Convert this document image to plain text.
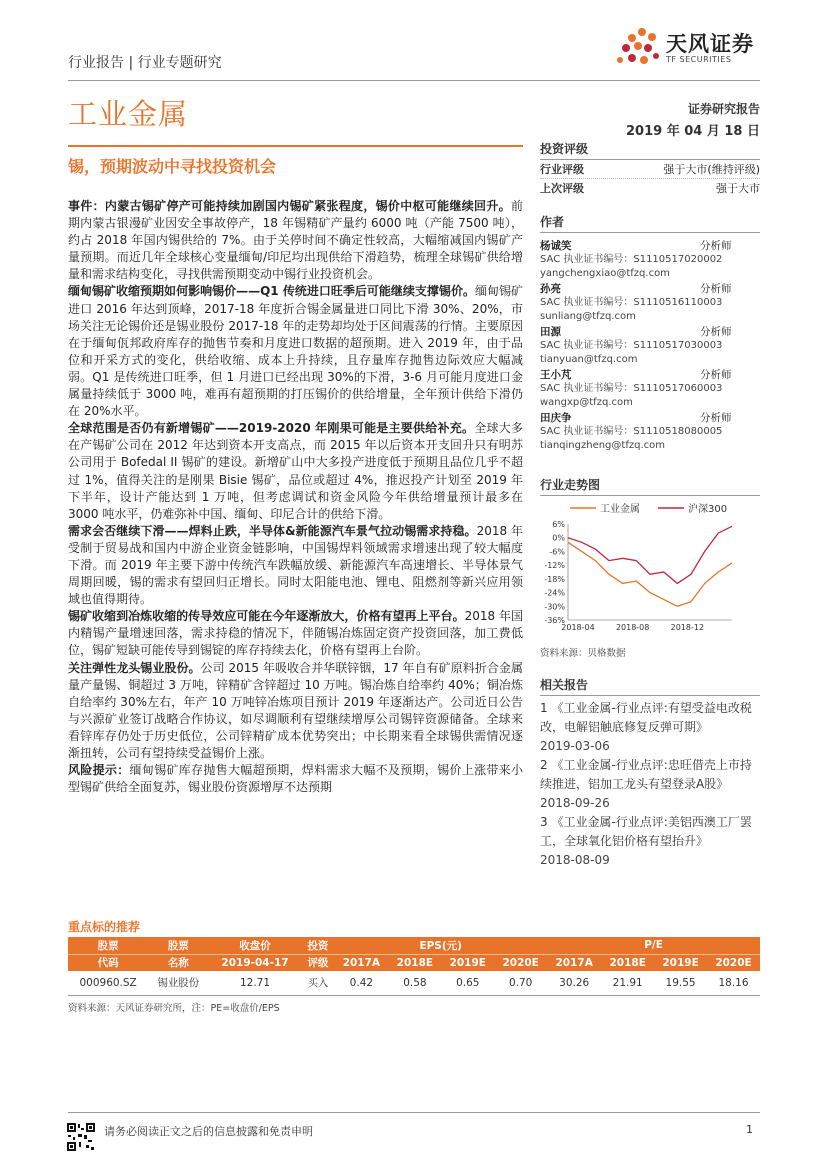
行业报告 | 行业专题研究
天风证券
TF SECURITIES
工业金属	证券研究报告
2019 年 04 月 18 日
锡，预期波动中寻找投资机会

事件：内蒙古锡矿停产可能持续加剧国内锡矿紧张程度，锡价中枢可能继续回升。前期内蒙古银漫矿业因安全事故停产，18 年锡精矿产量约 6000 吨（产能 7500 吨），约占 2018 年国内锡供给的 7%。由于关停时间不确定性较高，大幅缩减国内锡矿产量预期。而近几年全球核心变量缅甸/印尼均出现供给下滑趋势，梳理全球锡矿供给增量和需求结构变化，寻找供需预期变动中锡行业投资机会。

缅甸锡矿收缩预期如何影响锡价——Q1 传统进口旺季后可能继续支撑锡价。缅甸锡矿进口 2016 年达到顶峰，2017-18 年度折合锡金属量进口同比下滑 30%、20%，市场关注无论锡价还是锡业股份 2017-18 年的走势却均处于区间震荡的行情。主要原因在于缅甸佤邦政府库存的抛售节奏和月度进口数据的超预期。进入 2019 年，由于品位和开采方式的变化，供给收缩、成本上升持续，且存量库存抛售边际效应大幅减弱。Q1 是传统进口旺季，但 1 月进口已经出现 30%的下滑，3-6 月可能月度进口金属量持续低于 3000 吨，难再有超预期的打压锡价的供给增量，全年预计供给下滑仍在 20%水平。

全球范围是否仍有新增锡矿——2019-2020 年刚果可能是主要供给补充。全球大多在产锡矿公司在 2012 年达到资本开支高点，而 2015 年以后资本开支回升只有明苏公司用于 Bofedal II 锡矿的建设。新增矿山中大多投产进度低于预期且品位几乎不超过 1%，值得关注的是刚果 Bisie 锡矿，品位或超过 4%，推迟投产计划至 2019 年下半年，设计产能达到 1 万吨，但考虑调试和资金风险今年供给增量预计最多在 3000 吨水平，仍难弥补中国、缅甸、印尼合计的供给下滑。

需求会否继续下滑——焊料止跌，半导体&新能源汽车景气拉动锡需求持稳。2018 年受制于贸易战和国内中游企业资金链影响，中国锡焊料领域需求增速出现了较大幅度下滑。而 2019 年主要下游中传统汽车跌幅放缓、新能源汽车高速增长、半导体景气周期回暖，锡的需求有望回归正增长。同时太阳能电池、锂电、阻燃剂等新兴应用领域也值得期待。

锡矿收缩到冶炼收缩的传导效应可能在今年逐渐放大，价格有望再上平台。2018 年国内精锡产量增速回落，需求持稳的情况下，伴随锡冶炼固定资产投资回落，加工费低位，锡矿短缺可能传导到锡锭的库存持续去化，价格有望再上台阶。

关注弹性龙头锡业股份。公司 2015 年吸收合并华联锌铟，17 年自有矿原料折合金属量产量锡、铜超过 3 万吨，锌精矿含锌超过 10 万吨。锡冶炼自给率约 40%；铜冶炼自给率约 30%左右，年产 10 万吨锌冶炼项目预计 2019 年逐渐达产。公司近日公告与兴源矿业签订战略合作协议，如尽调顺利有望继续增厚公司锡锌资源储备。全球来看锌库存仍处于历史低位，公司锌精矿成本优势突出；中长期来看全球锡供需情况逐渐扭转，公司有望持续受益锡价上涨。

风险提示：缅甸锡矿库存抛售大幅超预期，焊料需求大幅不及预期，锡价上涨带来小型锡矿供给全面复苏，锡业股份资源增厚不达预期

投资评级
行业评级	强于大市(维持评级)
上次评级	强于大市
作者
杨诚笑	分析师
SAC 执业证书编号：S1110517020002
yangchengxiao@tfzq.com
孙亮	分析师
SAC 执业证书编号：S1110516110003
sunliang@tfzq.com
田源	分析师
SAC 执业证书编号：S1110517030003
tianyuan@tfzq.com
王小芃	分析师
SAC 执业证书编号：S1110517060003
wangxp@tfzq.com
田庆争	分析师
SAC 执业证书编号：S1110518080005
tianqingzheng@tfzq.com
行业走势图
工业金属	沪深300
6%
0%
-6%
-12%
-18%
-24%
-30%
-36%
2018-04	2018-08	2018-12
资料来源：贝格数据
相关报告
1 《工业金属-行业点评:有望受益电改税改，电解铝触底修复反弹可期》
2019-03-06
2 《工业金属-行业点评:忠旺借壳上市持续推进，铝加工龙头有望登录A股》
2018-09-26
3 《工业金属-行业点评:美铝西澳工厂罢工，全球氧化铝价格有望抬升》
2018-08-09
重点标的推荐
股票	股票	收盘价	投资	EPS(元)				P/E			
代码	名称	2019-04-17	评级	2017A	2018E	2019E	2020E	2017A	2018E	2019E	2020E
000960.SZ	锡业股份	12.71	买入	0.42	0.58	0.65	0.70	30.26	21.91	19.55	18.16
资料来源：天风证券研究所，注：PE=收盘价/EPS
请务必阅读正文之后的信息披露和免责申明	1
